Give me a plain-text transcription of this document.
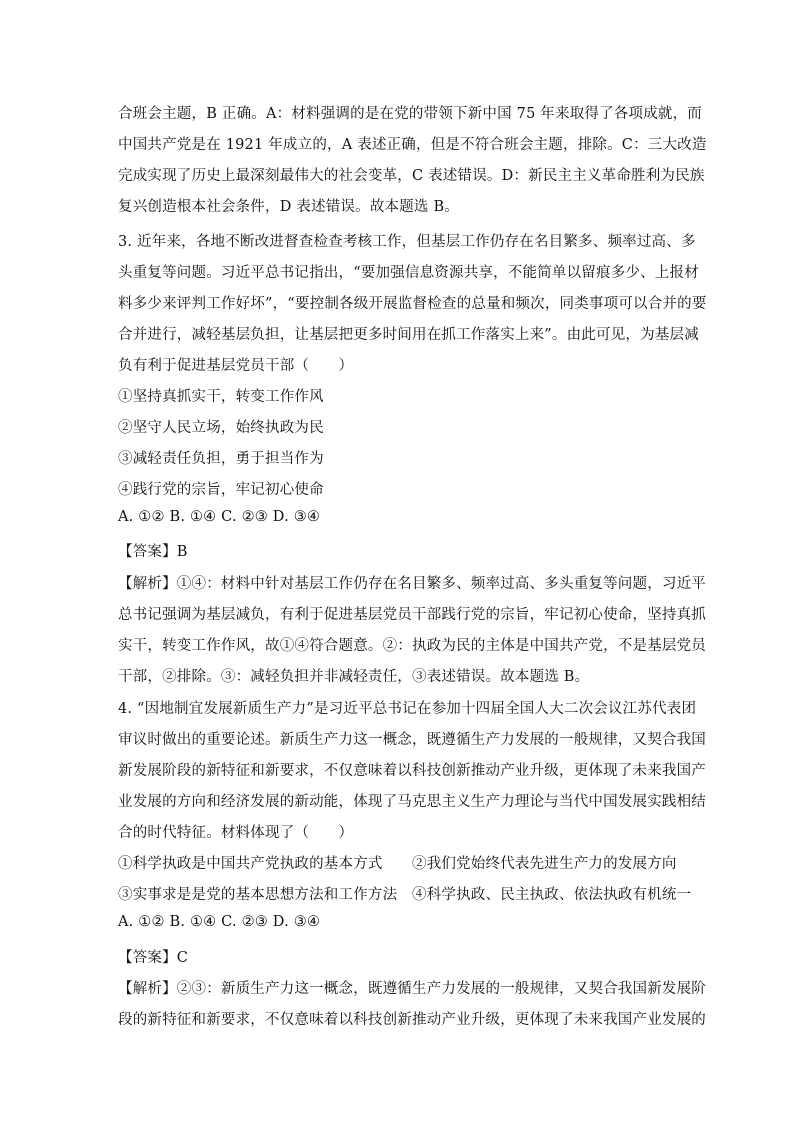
合班会主题，B 正确。A：材料强调的是在党的带领下新中国 75 年来取得了各项成就，而
中国共产党是在 1921 年成立的，A 表述正确，但是不符合班会主题，排除。C：三大改造
完成实现了历史上最深刻最伟大的社会变革，C 表述错误。D：新民主主义革命胜利为民族
复兴创造根本社会条件，D 表述错误。故本题选 B。
3. 近年来，各地不断改进督查检查考核工作，但基层工作仍存在名目繁多、频率过高、多
头重复等问题。习近平总书记指出，“要加强信息资源共享，不能简单以留痕多少、上报材
料多少来评判工作好坏”，“要控制各级开展监督检查的总量和频次，同类事项可以合并的要
合并进行，减轻基层负担，让基层把更多时间用在抓工作落实上来”。由此可见，为基层减
负有利于促进基层党员干部（　　）
①坚持真抓实干，转变工作作风
②坚守人民立场，始终执政为民
③减轻责任负担，勇于担当作为
④践行党的宗旨，牢记初心使命
A. ①② B. ①④ C. ②③ D. ③④
【答案】B
【解析】①④：材料中针对基层工作仍存在名目繁多、频率过高、多头重复等问题，习近平
总书记强调为基层减负，有利于促进基层党员干部践行党的宗旨，牢记初心使命，坚持真抓
实干，转变工作作风，故①④符合题意。②：执政为民的主体是中国共产党，不是基层党员
干部，②排除。③：减轻负担并非减轻责任，③表述错误。故本题选 B。
4. “因地制宜发展新质生产力”是习近平总书记在参加十四届全国人大二次会议江苏代表团
审议时做出的重要论述。新质生产力这一概念，既遵循生产力发展的一般规律，又契合我国
新发展阶段的新特征和新要求，不仅意味着以科技创新推动产业升级，更体现了未来我国产
业发展的方向和经济发展的新动能，体现了马克思主义生产力理论与当代中国发展实践相结
合的时代特征。材料体现了（　　）
①科学执政是中国共产党执政的基本方式　　②我们党始终代表先进生产力的发展方向
③实事求是是党的基本思想方法和工作方法　④科学执政、民主执政、依法执政有机统一
A. ①② B. ①④ C. ②③ D. ③④
【答案】C
【解析】②③：新质生产力这一概念，既遵循生产力发展的一般规律，又契合我国新发展阶
段的新特征和新要求，不仅意味着以科技创新推动产业升级，更体现了未来我国产业发展的
